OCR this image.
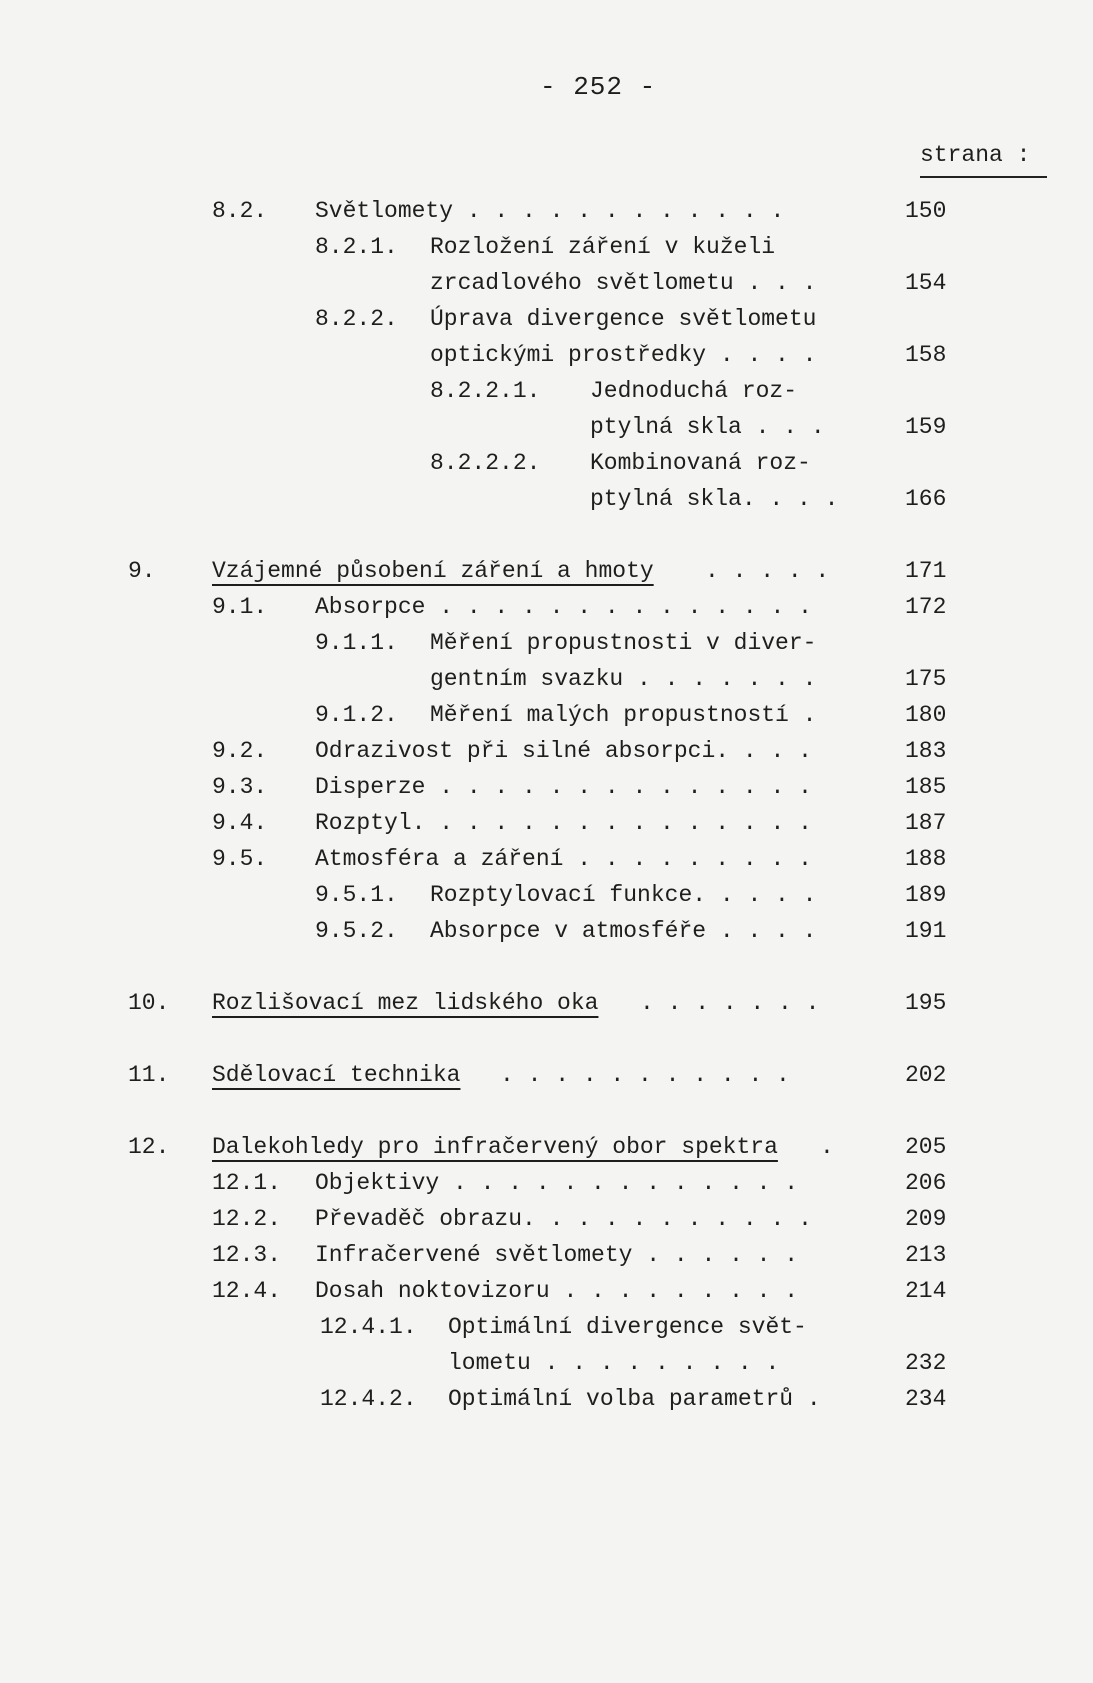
- 252 -
strana :
8.2. Světlomety . . . . . . . . . . . .	150
8.2.1. Rozložení záření v kuželi
zrcadlového světlometu . . .	154
8.2.2. Úprava divergence světlometu
optickými prostředky . . . .	158
8.2.2.1. Jednoduchá roz-
ptylná skla . . .	159
8.2.2.2. Kombinovaná roz-
ptylná skla. . . .	166
9. Vzájemné působení záření a hmoty . . . . .	171
9.1. Absorpce . . . . . . . . . . . . . .	172
9.1.1. Měření propustnosti v diver-
gentním svazku . . . . . . .	175
9.1.2. Měření malých propustností .	180
9.2. Odrazivost při silné absorpci. . . .	183
9.3. Disperze . . . . . . . . . . . . . .	185
9.4. Rozptyl. . . . . . . . . . . . . . .	187
9.5. Atmosféra a záření . . . . . . . . .	188
9.5.1. Rozptylovací funkce. . . . .	189
9.5.2. Absorpce v atmosféře . . . .	191
10. Rozlišovací mez lidského oka . . . . . . .	195
11. Sdělovací technika . . . . . . . . . . .	202
12. Dalekohledy pro infračervený obor spektra .	205
12.1. Objektivy . . . . . . . . . . . . .	206
12.2. Převaděč obrazu. . . . . . . . . . .	209
12.3. Infračervené světlomety . . . . . .	213
12.4. Dosah noktovizoru . . . . . . . . .	214
12.4.1. Optimální divergence svět-
lometu . . . . . . . . .	232
12.4.2. Optimální volba parametrů .	234
